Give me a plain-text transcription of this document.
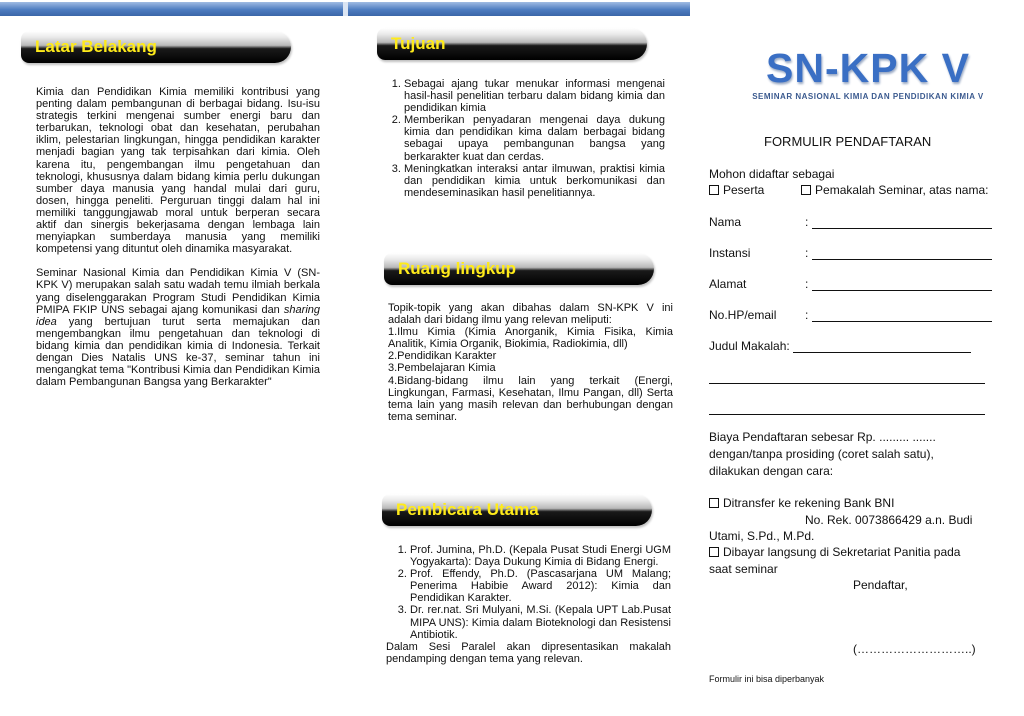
Latar Belakang

Kimia dan Pendidikan Kimia memiliki kontribusi yang penting dalam pembangunan di berbagai bidang. Isu-isu strategis terkini mengenai sumber energi baru dan terbarukan, teknologi obat dan kesehatan, perubahan iklim, pelestarian lingkungan, hingga pendidikan karakter menjadi bagian yang tak terpisahkan dari kimia. Oleh karena itu, pengembangan ilmu pengetahuan dan teknologi, khususnya dalam bidang kimia perlu dukungan sumber daya manusia yang handal mulai dari guru, dosen, hingga peneliti. Perguruan tinggi dalam hal ini memiliki tanggungjawab moral untuk berperan secara aktif dan sinergis bekerjasama dengan lembaga lain menyiapkan sumberdaya manusia yang memiliki kompetensi yang dituntut oleh dinamika masyarakat.

Seminar Nasional Kimia dan Pendidikan Kimia V (SN-KPK V) merupakan salah satu wadah temu ilmiah berkala yang diselenggarakan Program Studi Pendidikan Kimia PMIPA FKIP UNS sebagai ajang komunikasi dan sharing idea yang bertujuan turut serta memajukan dan mengembangkan ilmu pengetahuan dan teknologi di bidang kimia dan pendidikan kimia di Indonesia. Terkait dengan Dies Natalis UNS ke-37, seminar tahun ini mengangkat tema "Kontribusi Kimia dan Pendidikan Kimia dalam Pembangunan Bangsa yang Berkarakter"

Tujuan
1. Sebagai ajang tukar menukar informasi mengenai hasil-hasil penelitian terbaru dalam bidang kimia dan pendidikan kimia
2. Memberikan penyadaran mengenai daya dukung kimia dan pendidikan kima dalam berbagai bidang sebagai upaya pembangunan bangsa yang berkarakter kuat dan cerdas.
3. Meningkatkan interaksi antar ilmuwan, praktisi kimia dan pendidikan kimia untuk berkomunikasi dan mendeseminasikan hasil penelitiannya.
Ruang lingkup

Topik-topik yang akan dibahas dalam SN-KPK V ini adalah dari bidang ilmu yang relevan meliputi:

1.Ilmu Kimia (Kimia Anorganik, Kimia Fisika, Kimia Analitik, Kimia Organik, Biokimia, Radiokimia, dll)

2.Pendidikan Karakter

3.Pembelajaran Kimia

4.Bidang-bidang ilmu lain yang terkait (Energi, Lingkungan, Farmasi, Kesehatan, Ilmu Pangan, dll) Serta tema lain yang masih relevan dan berhubungan dengan tema seminar.

Pembicara Utama
1. Prof. Jumina, Ph.D. (Kepala Pusat Studi Energi UGM Yogyakarta): Daya Dukung Kimia di Bidang Energi.
2. Prof. Effendy, Ph.D. (Pascasarjana UM Malang; Penerima Habibie Award 2012): Kimia dan Pendidikan Karakter.
3. Dr. rer.nat. Sri Mulyani, M.Si. (Kepala UPT Lab.Pusat MIPA UNS): Kimia dalam Bioteknologi dan Resistensi Antibiotik.

Dalam Sesi Paralel akan dipresentasikan makalah pendamping dengan tema yang relevan.

SN-KPK V
SEMINAR NASIONAL KIMIA DAN PENDIDIKAN KIMIA V
FORMULIR PENDAFTARAN
Mohon didaftar sebagai
Peserta	Pemakalah Seminar, atas nama:
Nama	:
Instansi	:
Alamat	:
No.HP/email :
Judul Makalah:
Biaya Pendaftaran sebesar Rp. ......... .......
dengan/tanpa prosiding (coret salah satu),
dilakukan dengan cara:
Ditransfer ke rekening Bank BNI
No. Rek. 0073866429 a.n. Budi
Utami, S.Pd., M.Pd.
Dibayar langsung di Sekretariat Panitia pada
saat seminar
Pendaftar,
(………………………..)
Formulir ini bisa diperbanyak
